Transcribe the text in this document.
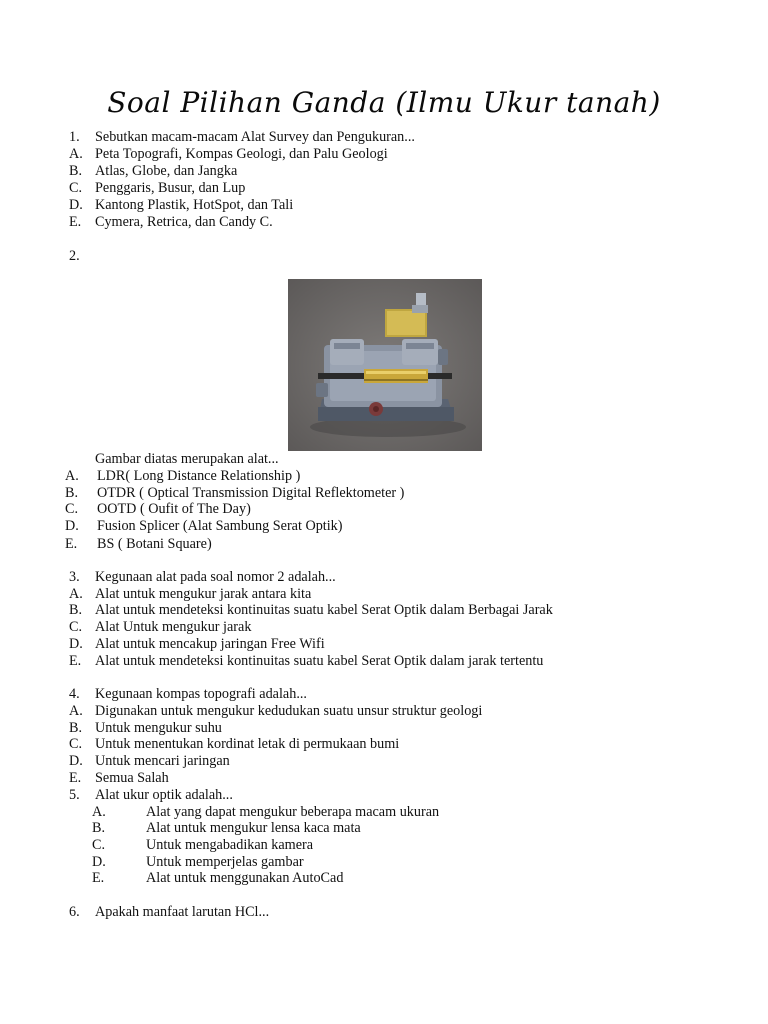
Soal Pilihan Ganda (Ilmu Ukur tanah)
1. Sebutkan macam-macam Alat Survey dan Pengukuran...
A. Peta Topografi, Kompas Geologi, dan Palu Geologi
B. Atlas, Globe, dan Jangka
C. Penggaris, Busur, dan Lup
D. Kantong Plastik, HotSpot, dan Tali
E. Cymera, Retrica, dan Candy C.
2.
Gambar diatas merupakan alat...
A. LDR( Long Distance Relationship )
B. OTDR ( Optical Transmission Digital Reflektometer )
C. OOTD ( Oufit of The Day)
D. Fusion Splicer (Alat Sambung Serat Optik)
E. BS ( Botani Square)
3. Kegunaan alat pada soal nomor 2 adalah...
A. Alat untuk mengukur jarak antara kita
B. Alat untuk mendeteksi kontinuitas suatu kabel Serat Optik dalam Berbagai Jarak
C. Alat Untuk mengukur jarak
D. Alat untuk mencakup jaringan Free Wifi
E. Alat untuk mendeteksi kontinuitas suatu kabel Serat Optik dalam jarak tertentu
4. Kegunaan kompas topografi adalah...
A. Digunakan untuk mengukur kedudukan suatu unsur struktur geologi
B. Untuk mengukur suhu
C. Untuk menentukan kordinat letak di permukaan bumi
D. Untuk mencari jaringan
E. Semua Salah
5. Alat ukur optik adalah...
A.	Alat yang dapat mengukur beberapa macam ukuran
B.	Alat untuk mengukur lensa kaca mata
C.	Untuk mengabadikan kamera
D.	Untuk memperjelas gambar
E.	Alat untuk menggunakan AutoCad
6. Apakah manfaat larutan HCl...
